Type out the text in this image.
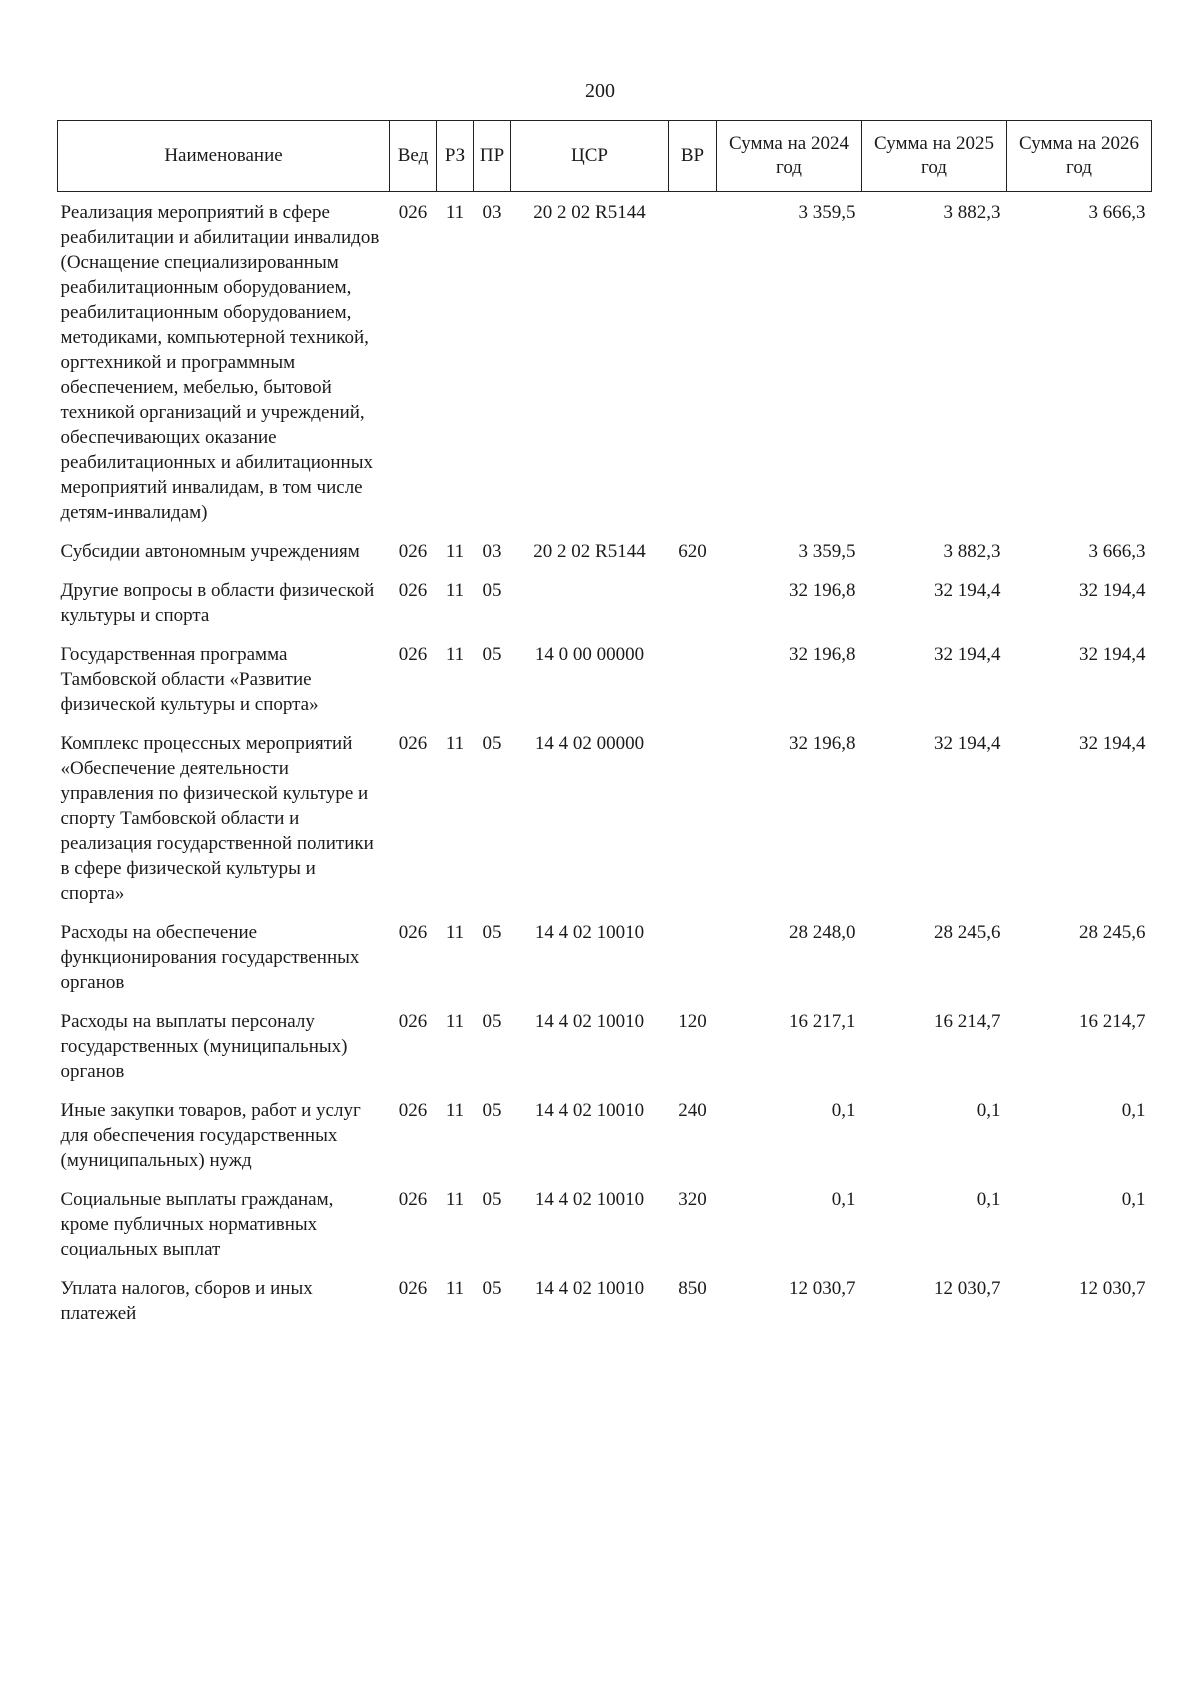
200
Наименование	Вед	РЗ	ПР	ЦСР	ВР	Сумма на 2024 год	Сумма на 2025 год	Сумма на 2026 год
Реализация мероприятий в сфере реабилитации и абилитации инвалидов (Оснащение специализированным реабилитационным оборудованием, реабилитационным оборудованием, методиками, компьютерной техникой, оргтехникой и программным обеспечением, мебелью, бытовой техникой организаций и учреждений, обеспечивающих оказание реабилитационных и абилитационных мероприятий инвалидам, в том числе детям-инвалидам)	026	11	03	20 2 02 R5144		3 359,5	3 882,3	3 666,3
Субсидии автономным учреждениям	026	11	03	20 2 02 R5144	620	3 359,5	3 882,3	3 666,3
Другие вопросы в области физической культуры и спорта	026	11	05			32 196,8	32 194,4	32 194,4
Государственная программа Тамбовской области «Развитие физической культуры и спорта»	026	11	05	14 0 00 00000		32 196,8	32 194,4	32 194,4
Комплекс процессных мероприятий «Обеспечение деятельности управления по физической культуре и спорту Тамбовской области и реализация государственной политики в сфере физической культуры и спорта»	026	11	05	14 4 02 00000		32 196,8	32 194,4	32 194,4
Расходы на обеспечение функционирования государственных органов	026	11	05	14 4 02 10010		28 248,0	28 245,6	28 245,6
Расходы на выплаты персоналу государственных (муниципальных) органов	026	11	05	14 4 02 10010	120	16 217,1	16 214,7	16 214,7
Иные закупки товаров, работ и услуг для обеспечения государственных (муниципальных) нужд	026	11	05	14 4 02 10010	240	0,1	0,1	0,1
Социальные выплаты гражданам, кроме публичных нормативных социальных выплат	026	11	05	14 4 02 10010	320	0,1	0,1	0,1
Уплата налогов, сборов и иных платежей	026	11	05	14 4 02 10010	850	12 030,7	12 030,7	12 030,7
